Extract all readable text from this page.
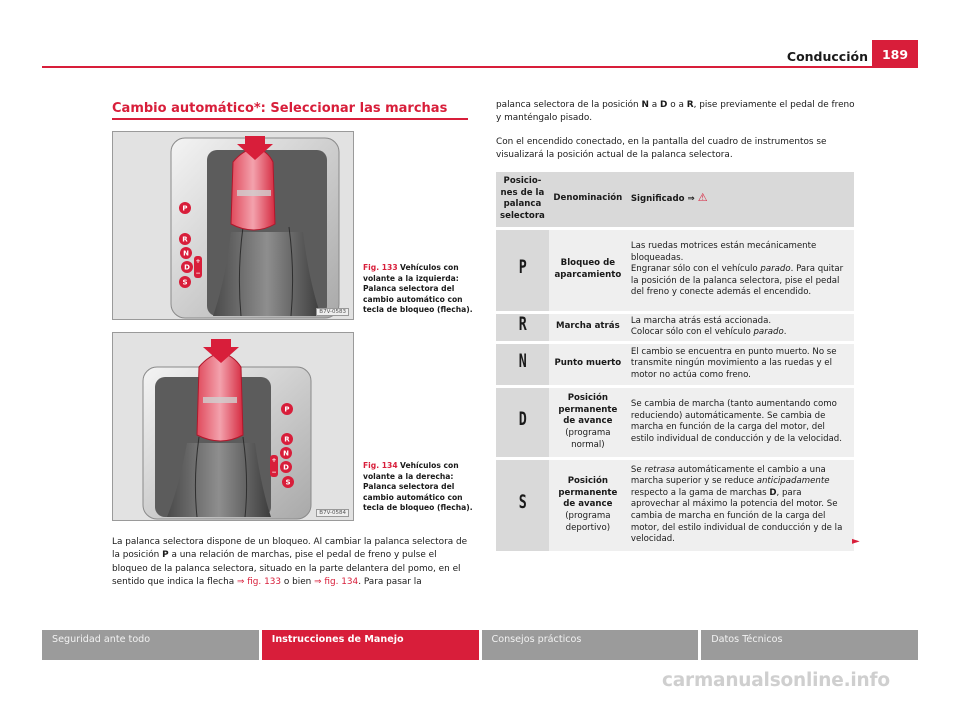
Conducción	189
Cambio automático*: Seleccionar las marchas
P
R
N
D
S
+
−
B7V-0583
Fig. 133 Vehículos con volante a la izquierda: Palanca selectora del cambio automático con tecla de bloqueo (flecha).
P
R
N
D
S
+
−
B7V-0584
Fig. 134 Vehículos con volante a la derecha: Palanca selectora del cambio automático con tecla de bloqueo (flecha).

La palanca selectora dispone de un bloqueo. Al cambiar la palanca selectora de la posición P a una relación de marchas, pise el pedal de freno y pulse el bloqueo de la palanca selectora, situado en la parte delantera del pomo, en el sentido que indica la flecha ⇒ fig. 133 o bien ⇒ fig. 134. Para pasar la

palanca selectora de la posición N a D o a R, pise previamente el pedal de freno y manténgalo pisado.

Con el encendido conectado, en la pantalla del cuadro de instrumentos se visualizará la posición actual de la palanca selectora.

Posicio-nes de la palanca selectora	Denominación	Significado ⇒ ⚠
P	Bloqueo de aparcamiento	Las ruedas motrices están mecánicamente bloqueadas.
Engranar sólo con el vehículo parado. Para quitar la posición de la palanca selectora, pise el pedal del freno y conecte además el encendido.
R	Marcha atrás	La marcha atrás está accionada.
Colocar sólo con el vehículo parado.
N	Punto muerto	El cambio se encuentra en punto muerto. No se transmite ningún movimiento a las ruedas y el motor no actúa como freno.
D	Posición permanente de avance (programa normal)	Se cambia de marcha (tanto aumentando como reduciendo) automáticamente. Se cambia de marcha en función de la carga del motor, del estilo individual de conducción y de la velocidad.
S	Posición permanente de avance (programa deportivo)	Se retrasa automáticamente el cambio a una marcha superior y se reduce anticipadamente respecto a la gama de marchas D, para aprovechar al máximo la potencia del motor. Se cambia de marcha en función de la carga del motor, del estilo individual de conducción y de la velocidad.	►
Seguridad ante todo	Instrucciones de Manejo	Consejos prácticos	Datos Técnicos
carmanualsonline.info
